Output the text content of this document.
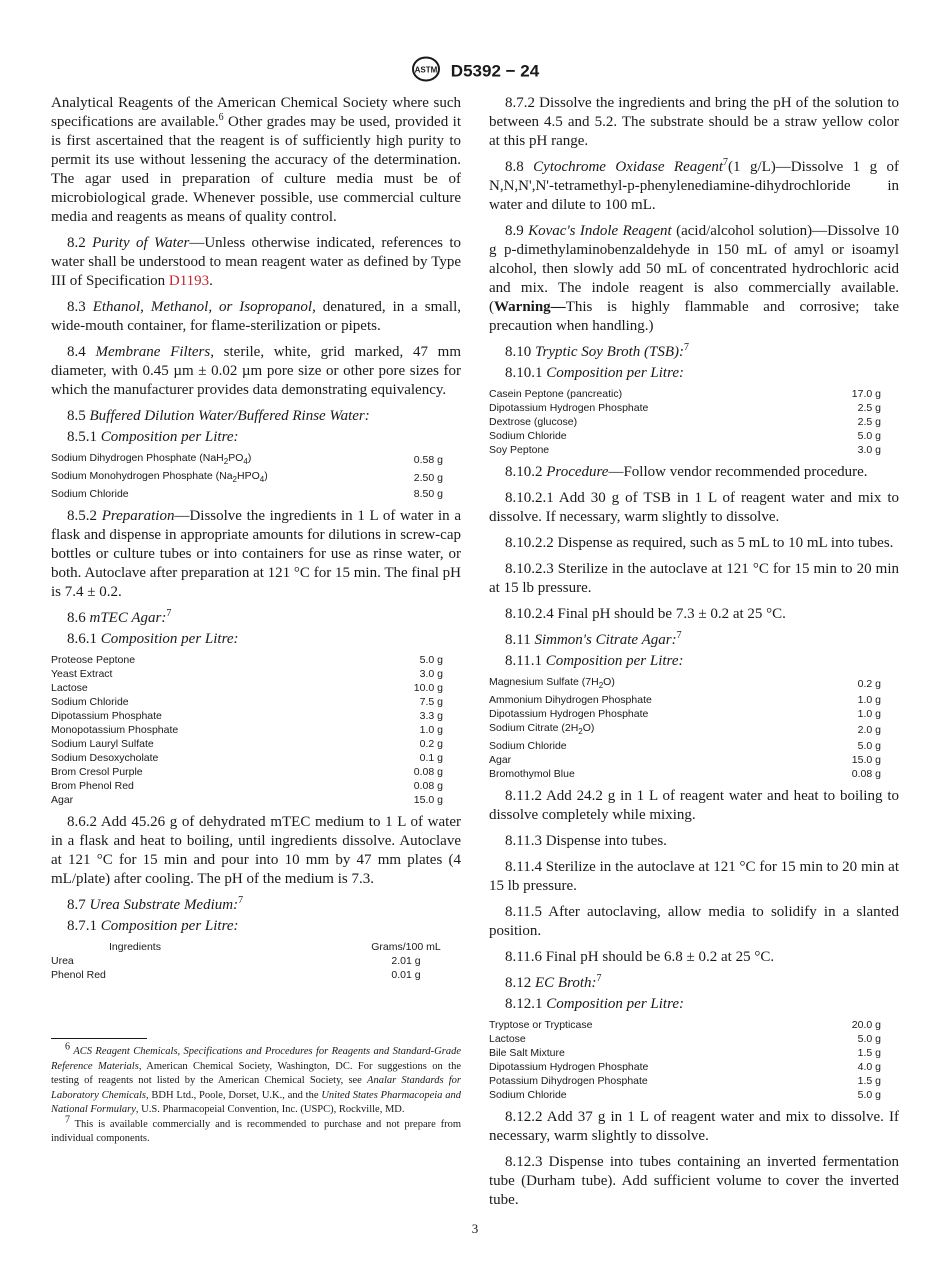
ASTM D5392 − 24

Analytical Reagents of the American Chemical Society where such specifications are available.$^6$ Other grades may be used, provided it is first ascertained that the reagent is of sufficiently high purity to permit its use without lessening the accuracy of the determination. The agar used in preparation of culture media must be of microbiological grade. Whenever possible, use commercial culture media and reagents as means of quality control.

8.2 Purity of Water—Unless otherwise indicated, references to water shall be understood to mean reagent water as defined by Type III of Specification D1193.

8.3 Ethanol, Methanol, or Isopropanol, denatured, in a small, wide-mouth container, for flame-sterilization or pipets.

8.4 Membrane Filters, sterile, white, grid marked, 47 mm diameter, with 0.45 µm ± 0.02 µm pore size or other pore sizes for which the manufacturer provides data demonstrating equivalency.

8.5 Buffered Dilution Water/Buffered Rinse Water:

8.5.1 Composition per Litre:

Sodium Dihydrogen Phosphate $(NaH_2PO_4)$	0.58 g
Sodium Monohydrogen Phosphate $(Na_2HPO_4)$	2.50 g
Sodium Chloride	8.50 g

8.5.2 Preparation—Dissolve the ingredients in 1 L of water in a flask and dispense in appropriate amounts for dilutions in screw-cap bottles or culture tubes or into containers for use as rinse water, or both. Autoclave after preparation at 121 °C for 15 min. The final pH is 7.4 ± 0.2.

8.6 mTEC Agar:$^7$

8.6.1 Composition per Litre:

Proteose Peptone	5.0 g
Yeast Extract	3.0 g
Lactose	10.0 g
Sodium Chloride	7.5 g
Dipotassium Phosphate	3.3 g
Monopotassium Phosphate	1.0 g
Sodium Lauryl Sulfate	0.2 g
Sodium Desoxycholate	0.1 g
Brom Cresol Purple	0.08 g
Brom Phenol Red	0.08 g
Agar	15.0 g

8.6.2 Add 45.26 g of dehydrated mTEC medium to 1 L of water in a flask and heat to boiling, until ingredients dissolve. Autoclave at 121 °C for 15 min and pour into 10 mm by 47 mm plates (4 mL/plate) after cooling. The pH of the medium is 7.3.

8.7 Urea Substrate Medium:$^7$

8.7.1 Composition per Litre:

Ingredients	Grams/100 mL
Urea	2.01 g
Phenol Red	0.01 g

$^6$ ACS Reagent Chemicals, Specifications and Procedures for Reagents and Standard-Grade Reference Materials, American Chemical Society, Washington, DC. For suggestions on the testing of reagents not listed by the American Chemical Society, see Analar Standards for Laboratory Chemicals, BDH Ltd., Poole, Dorset, U.K., and the United States Pharmacopeia and National Formulary, U.S. Pharmacopeial Convention, Inc. (USPC), Rockville, MD.

$^7$ This is available commercially and is recommended to purchase and not prepare from individual components.

8.7.2 Dissolve the ingredients and bring the pH of the solution to between 4.5 and 5.2. The substrate should be a straw yellow color at this pH range.

8.8 Cytochrome Oxidase Reagent$^7$(1 g/L)—Dissolve 1 g of N,N,N',N'-tetramethyl-p-phenylenediamine-dihydrochloride in water and dilute to 100 mL.

8.9 Kovac's Indole Reagent (acid/alcohol solution)—Dissolve 10 g p-dimethylaminobenzaldehyde in 150 mL of amyl or isoamyl alcohol, then slowly add 50 mL of concentrated hydrochloric acid and mix. The indole reagent is also commercially available. (Warning—This is highly flammable and corrosive; take precaution when handling.)

8.10 Tryptic Soy Broth (TSB):$^7$

8.10.1 Composition per Litre:

Casein Peptone (pancreatic)	17.0 g
Dipotassium Hydrogen Phosphate	2.5 g
Dextrose (glucose)	2.5 g
Sodium Chloride	5.0 g
Soy Peptone	3.0 g

8.10.2 Procedure—Follow vendor recommended procedure.

8.10.2.1 Add 30 g of TSB in 1 L of reagent water and mix to dissolve. If necessary, warm slightly to dissolve.

8.10.2.2 Dispense as required, such as 5 mL to 10 mL into tubes.

8.10.2.3 Sterilize in the autoclave at 121 °C for 15 min to 20 min at 15 lb pressure.

8.10.2.4 Final pH should be 7.3 ± 0.2 at 25 °C.

8.11 Simmon's Citrate Agar:$^7$

8.11.1 Composition per Litre:

Magnesium Sulfate $(7H_2O)$	0.2 g
Ammonium Dihydrogen Phosphate	1.0 g
Dipotassium Hydrogen Phosphate	1.0 g
Sodium Citrate $(2H_2O)$	2.0 g
Sodium Chloride	5.0 g
Agar	15.0 g
Bromothymol Blue	0.08 g

8.11.2 Add 24.2 g in 1 L of reagent water and heat to boiling to dissolve completely while mixing.

8.11.3 Dispense into tubes.

8.11.4 Sterilize in the autoclave at 121 °C for 15 min to 20 min at 15 lb pressure.

8.11.5 After autoclaving, allow media to solidify in a slanted position.

8.11.6 Final pH should be 6.8 ± 0.2 at 25 °C.

8.12 EC Broth:$^7$

8.12.1 Composition per Litre:

Tryptose or Trypticase	20.0 g
Lactose	5.0 g
Bile Salt Mixture	1.5 g
Dipotassium Hydrogen Phosphate	4.0 g
Potassium Dihydrogen Phosphate	1.5 g
Sodium Chloride	5.0 g

8.12.2 Add 37 g in 1 L of reagent water and mix to dissolve. If necessary, warm slightly to dissolve.

8.12.3 Dispense into tubes containing an inverted fermentation tube (Durham tube). Add sufficient volume to cover the inverted tube.

3
